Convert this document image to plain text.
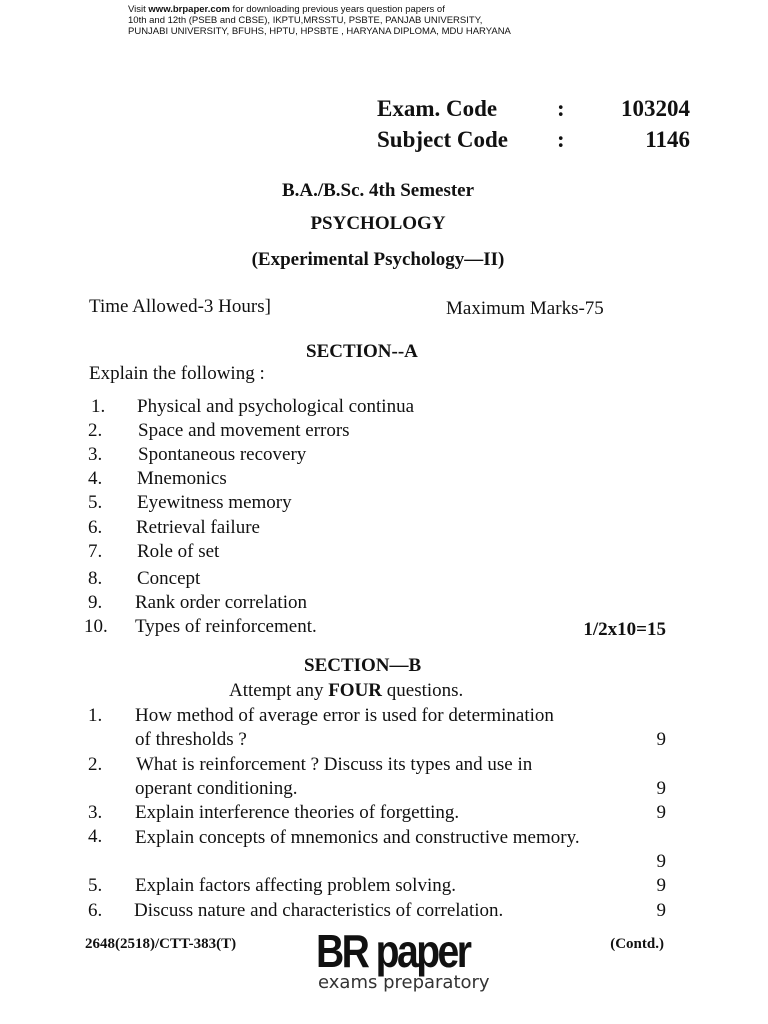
Visit www.brpaper.com for downloading previous years question papers of
10th and 12th (PSEB and CBSE), IKPTU,MRSSTU, PSBTE, PANJAB UNIVERSITY,
PUNJABI UNIVERSITY, BFUHS, HPTU, HPSBTE , HARYANA DIPLOMA, MDU HARYANA
Exam. Code	: 103204
Subject Code :	1146
B.A./B.Sc. 4th Semester
PSYCHOLOGY
(Experimental Psychology—II)
Time Allowed-3 Hours]	Maximum Marks-75
SECTION--A
Explain the following :
1. Physical and psychological continua
2. Space and movement errors
3. Spontaneous recovery
4. Mnemonics
5. Eyewitness memory
6. Retrieval failure
7. Role of set
8. Concept
9. Rank order correlation
10. Types of reinforcement.	1/2x10=15
SECTION—B
Attempt any FOUR questions.
1. How method of average error is used for determination
of thresholds ?	9
2. What is reinforcement ? Discuss its types and use in
operant conditioning.	9
3. Explain interference theories of forgetting.	9
4. Explain concepts of mnemonics and constructive memory.
9
5. Explain factors affecting problem solving.	9
6. Discuss nature and characteristics of correlation.	9
2648(2518)/CTT-383(T)	(Contd.)
BR paper
exams preparatory
